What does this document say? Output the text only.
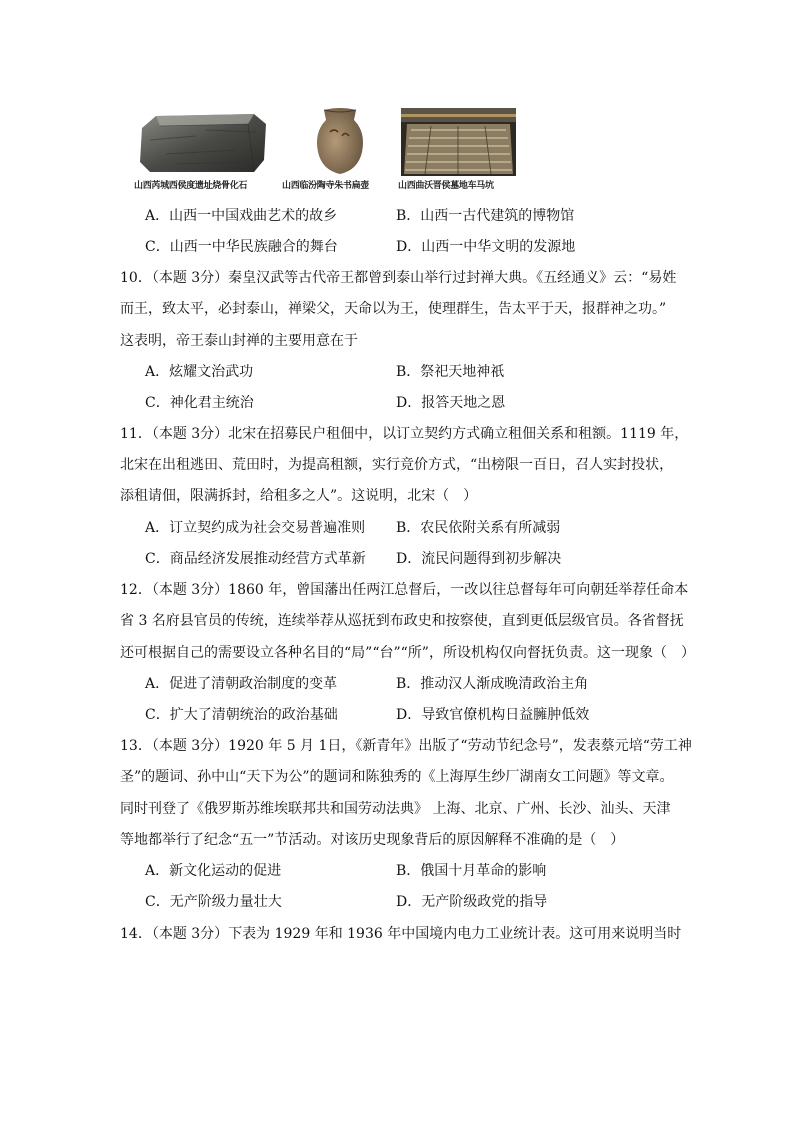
山西芮城西侯度遗址烧骨化石	山西临汾陶寺朱书扁壶	山西曲沃晋侯墓地车马坑
A．山西一中国戏曲艺术的故乡	B．山西一古代建筑的博物馆
C．山西一中华民族融合的舞台	D．山西一中华文明的发源地
10．（本题 3分）秦皇汉武等古代帝王都曾到泰山举行过封禅大典。《五经通义》云：“易姓
而王，致太平，必封泰山，禅梁父，天命以为王，使理群生，告太平于天，报群神之功。”
这表明，帝王泰山封禅的主要用意在于
A．炫耀文治武功	B．祭祀天地神祇
C．神化君主统治	D．报答天地之恩
11．（本题 3分）北宋在招募民户租佃中，以订立契约方式确立租佃关系和租额。1119 年，
北宋在出租逃田、荒田时，为提高租额，实行竞价方式，“出榜限一百日，召人实封投状，
添租请佃，限满拆封，给租多之人”。这说明，北宋（　）
A．订立契约成为社会交易普遍准则 B．农民依附关系有所减弱
C．商品经济发展推动经营方式革新 D．流民问题得到初步解决
12．（本题 3分）1860 年，曾国藩出任两江总督后，一改以往总督每年可向朝廷举荐任命本
省 3 名府县官员的传统，连续举荐从巡抚到布政史和按察使，直到更低层级官员。各省督抚
还可根据自己的需要设立各种名目的“局”“台”“所”，所设机构仅向督抚负责。这一现象（　）
A．促进了清朝政治制度的变革	B．推动汉人渐成晚清政治主角
C．扩大了清朝统治的政治基础	D．导致官僚机构日益臃肿低效
13．（本题 3分）1920 年 5 月 1日，《新青年》出版了“劳动节纪念号”，发表蔡元培“劳工神
圣”的题词、孙中山“天下为公”的题词和陈独秀的《上海厚生纱厂湖南女工问题》等文章。
同时刊登了《俄罗斯苏维埃联邦共和国劳动法典》 上海、北京、广州、长沙、汕头、天津
等地都举行了纪念“五一”节活动。对该历史现象背后的原因解释不准确的是（　）
A．新文化运动的促进	B．俄国十月革命的影响
C．无产阶级力量壮大	D．无产阶级政党的指导
14．（本题 3分）下表为 1929 年和 1936 年中国境内电力工业统计表。这可用来说明当时
